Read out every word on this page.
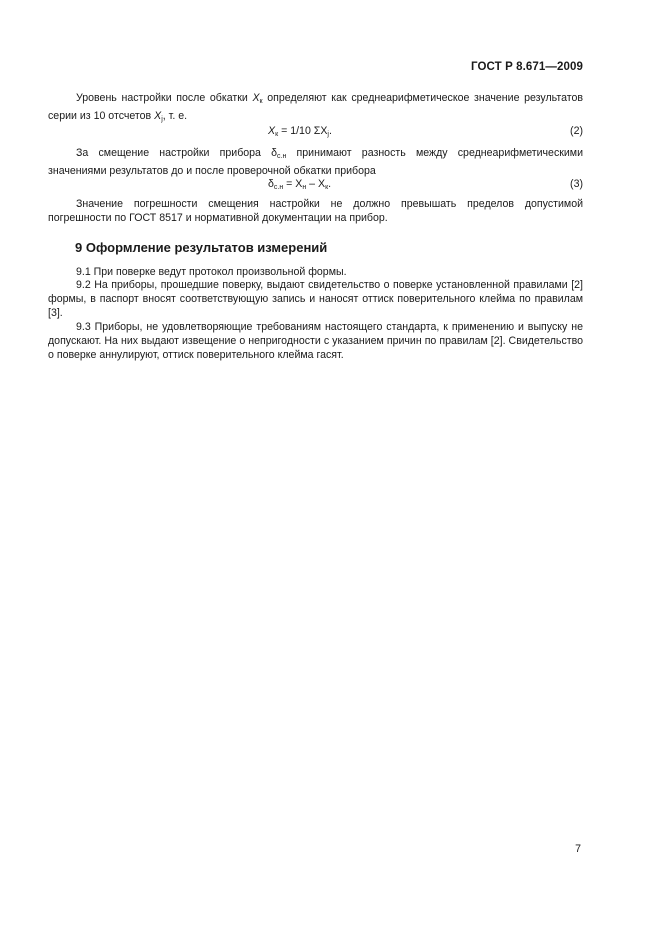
ГОСТ Р 8.671—2009

Уровень настройки после обкатки $X_к$ определяют как среднеарифметическое значение результатов серии из 10 отсчетов $X_j$, т. е.

$X_к = 1/10$ $\Sigma X_j$.	(2)

За смещение настройки прибора $\delta_{с.н}$ принимают разность между среднеарифметическими значениями результатов до и после проверочной обкатки прибора

$\delta_{с.н} = X_н - X_к$.	(3)

Значение погрешности смещения настройки не должно превышать пределов допустимой погрешности по ГОСТ 8517 и нормативной документации на прибор.

9 Оформление результатов измерений

9.1 При поверке ведут протокол произвольной формы.

9.2 На приборы, прошедшие поверку, выдают свидетельство о поверке установленной правилами [2] формы, в паспорт вносят соответствующую запись и наносят оттиск поверительного клейма по правилам [3].

9.3 Приборы, не удовлетворяющие требованиям настоящего стандарта, к применению и выпуску не допускают. На них выдают извещение о непригодности с указанием причин по правилам [2]. Свидетельство о поверке аннулируют, оттиск поверительного клейма гасят.

7
